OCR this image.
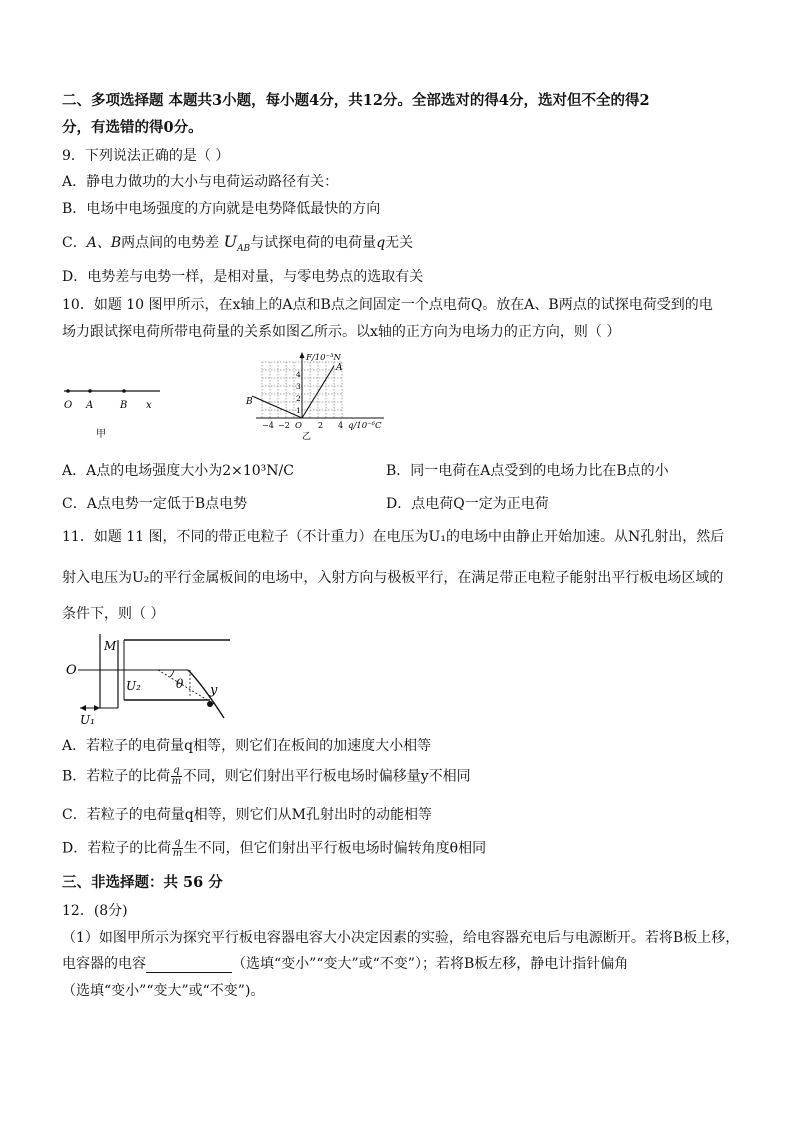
二、多项选择题 本题共3小题，每小题4分，共12分。全部选对的得4分，选对但不全的得2
分，有选错的得0分。
9．下列说法正确的是（ ）
A．静电力做功的大小与电荷运动路径有关：
B．电场中电场强度的方向就是电势降低最快的方向
C．A、B两点间的电势差 $U_{AB}$与试探电荷的电荷量q无关
D．电势差与电势一样，是相对量，与零电势点的选取有关
10．如题 10 图甲所示，在x轴上的A点和B点之间固定一个点电荷Q。放在A、B两点的试探电荷受到的电
场力跟试探电荷所带电荷量的关系如图乙所示。以x轴的正方向为电场力的正方向，则（ ）
O A	B x
甲
F/10⁻³N
A
B
O
−4 −2	2 4 q/10⁻⁶C
4
3
2
1
乙
A．A点的电场强度大小为2×10³N/C	B．同一电荷在A点受到的电场力比在B点的小
C．A点电势一定低于B点电势	D．点电荷Q一定为正电荷
11．如题 11 图，不同的带正电粒子（不计重力）在电压为U₁的电场中由静止开始加速。从N孔射出，然后
射入电压为U₂的平行金属板间的电场中，入射方向与极板平行，在满足带正电粒子能射出平行板电场区域的
条件下，则（ ）
O
M
U₂	θ y
U₁
A．若粒子的电荷量q相等，则它们在板间的加速度大小相等
B．若粒子的比荷 $\frac{q}{m}$ 不同，则它们射出平行板电场时偏移量y不相同
C．若粒子的电荷量q相等，则它们从M孔射出时的动能相等
D．若粒子的比荷 $\frac{q}{m}$ 生不同，但它们射出平行板电场时偏转角度θ相同
三、非选择题：共 56 分
12．(8分)
（1）如图甲所示为探究平行板电容器电容大小决定因素的实验，给电容器充电后与电源断开。若将B板上移，
电容器的电容	（选填“变小”“变大”或“不变”）；若将B板左移，静电计指针偏角
（选填“变小”“变大”或“不变”)。
